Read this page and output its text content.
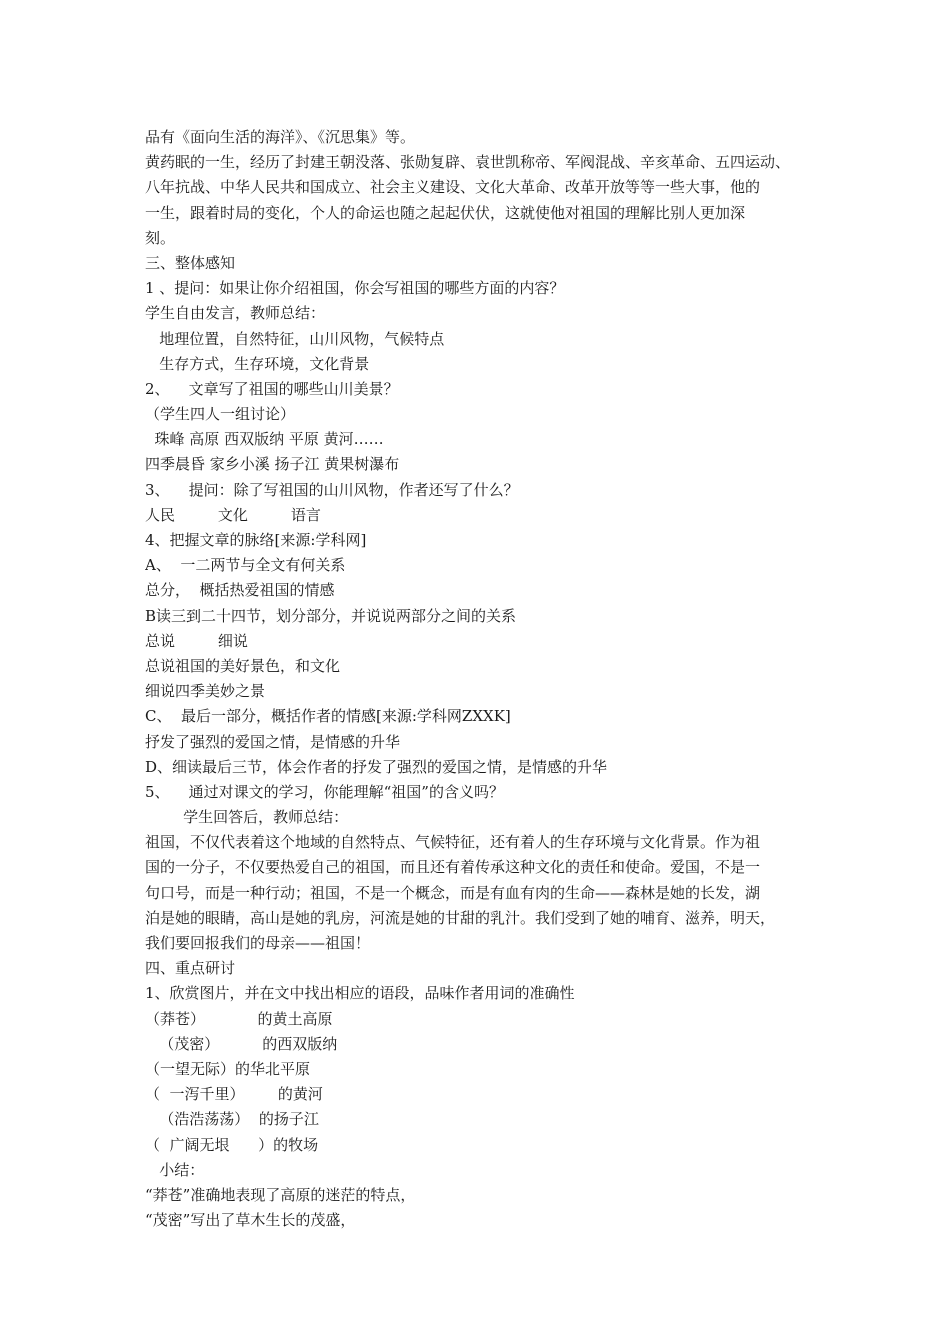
品有《面向生活的海洋》、《沉思集》等。
黄药眠的一生，经历了封建王朝没落、张勋复辟、袁世凯称帝、军阀混战、辛亥革命、五四运动、
八年抗战、中华人民共和国成立、社会主义建设、文化大革命、改革开放等等一些大事，他的
一生，跟着时局的变化，个人的命运也随之起起伏伏，这就使他对祖国的理解比别人更加深
刻。
三、整体感知
1 、提问：如果让你介绍祖国，你会写祖国的哪些方面的内容？
学生自由发言，教师总结：
地理位置，自然特征，山川风物，气候特点
生存方式，生存环境，文化背景
2、    文章写了祖国的哪些山川美景？
（学生四人一组讨论）
珠峰 高原 西双版纳 平原 黄河……
四季晨昏 家乡小溪 扬子江 黄果树瀑布
3、    提问：除了写祖国的山川风物，作者还写了什么？
人民         文化         语言
4、把握文章的脉络[来源:学科网]
A、  一二两节与全文有何关系
总分，  概括热爱祖国的情感
B读三到二十四节，划分部分，并说说两部分之间的关系
总说         细说
总说祖国的美好景色，和文化
细说四季美妙之景
C、  最后一部分，概括作者的情感[来源:学科网ZXXK]
抒发了强烈的爱国之情，是情感的升华
D、细读最后三节，体会作者的抒发了强烈的爱国之情，是情感的升华
5、    通过对课文的学习，你能理解“祖国”的含义吗？
学生回答后，教师总结：
祖国，不仅代表着这个地域的自然特点、气候特征，还有着人的生存环境与文化背景。作为祖
国的一分子，不仅要热爱自己的祖国，而且还有着传承这种文化的责任和使命。爱国，不是一
句口号，而是一种行动；祖国，不是一个概念，而是有血有肉的生命——森林是她的长发，湖
泊是她的眼睛，高山是她的乳房，河流是她的甘甜的乳汁。我们受到了她的哺育、滋养，明天，
我们要回报我们的母亲——祖国！
四、重点研讨
1、欣赏图片，并在文中找出相应的语段，品味作者用词的准确性
（莽苍）           的黄土高原
（茂密）         的西双版纳
（一望无际）的华北平原
（  一泻千里）       的黄河
（浩浩荡荡）  的扬子江
（  广阔无垠      ）的牧场
小结：
“莽苍”准确地表现了高原的迷茫的特点，
“茂密”写出了草木生长的茂盛，
